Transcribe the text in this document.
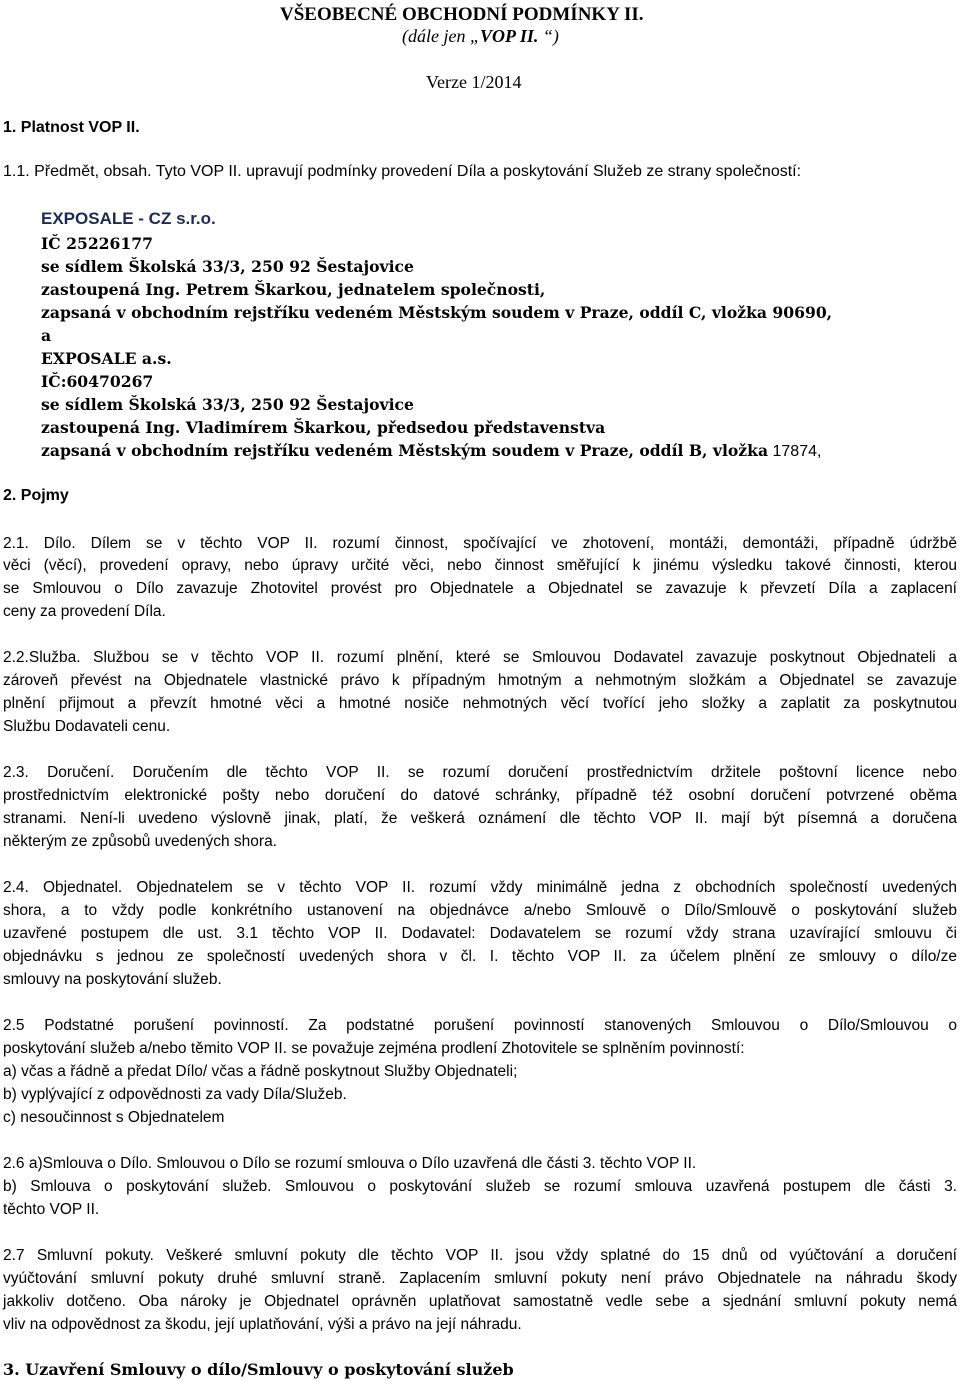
VŠEOBECNÉ OBCHODNÍ PODMÍNKY II.
(dále jen „VOP II. “)
Verze 1/2014
1. Platnost VOP II.
1.1. Předmět, obsah. Tyto VOP II. upravují podmínky provedení Díla a poskytování Služeb ze strany společností:
EXPOSALE - CZ s.r.o.
IČ 25226177
se sídlem Školská 33/3, 250 92 Šestajovice
zastoupená Ing. Petrem Škarkou, jednatelem společnosti,
zapsaná v obchodním rejstříku vedeném Městským soudem v Praze, oddíl C, vložka 90690,
a
EXPOSALE a.s.
IČ:60470267
se sídlem Školská 33/3, 250 92 Šestajovice
zastoupená Ing. Vladimírem Škarkou, předsedou představenstva
zapsaná v obchodním rejstříku vedeném Městským soudem v Praze, oddíl B, vložka 17874,
2. Pojmy
2.1. Dílo. Dílem se v těchto VOP II. rozumí činnost, spočívající ve zhotovení, montáži, demontáži, případně údržbě
věci (věcí), provedení opravy, nebo úpravy určité věci, nebo činnost směřující k jinému výsledku takové činnosti, kterou
se Smlouvou o Dílo zavazuje Zhotovitel provést pro Objednatele a Objednatel se zavazuje k převzetí Díla a zaplacení
ceny za provedení Díla.
2.2.Služba. Službou se v těchto VOP II. rozumí plnění, které se Smlouvou Dodavatel zavazuje poskytnout Objednateli a
zároveň převést na Objednatele vlastnické právo k případným hmotným a nehmotným složkám a Objednatel se zavazuje
plnění přijmout a převzít hmotné věci a hmotné nosiče nehmotných věcí tvořící jeho složky a zaplatit za poskytnutou
Službu Dodavateli cenu.
2.3. Doručení. Doručením dle těchto VOP II. se rozumí doručení prostřednictvím držitele poštovní licence nebo
prostřednictvím elektronické pošty nebo doručení do datové schránky, případně též osobní doručení potvrzené oběma
stranami. Není-li uvedeno výslovně jinak, platí, že veškerá oznámení dle těchto VOP II. mají být písemná a doručena
některým ze způsobů uvedených shora.
2.4. Objednatel. Objednatelem se v těchto VOP II. rozumí vždy minimálně jedna z obchodních společností uvedených
shora, a to vždy podle konkrétního ustanovení na objednávce a/nebo Smlouvě o Dílo/Smlouvě o poskytování služeb
uzavřené postupem dle ust. 3.1 těchto VOP II. Dodavatel: Dodavatelem se rozumí vždy strana uzavírající smlouvu či
objednávku s jednou ze společností uvedených shora v čl. I. těchto VOP II. za účelem plnění ze smlouvy o dílo/ze
smlouvy na poskytování služeb.
2.5 Podstatné porušení povinností. Za podstatné porušení povinností stanovených Smlouvou o Dílo/Smlouvou o
poskytování služeb a/nebo těmito VOP II. se považuje zejména prodlení Zhotovitele se splněním povinností:
a) včas a řádně a předat Dílo/ včas a řádně poskytnout Služby Objednateli;
b) vyplývající z odpovědnosti za vady Díla/Služeb.
c) nesoučinnost s Objednatelem
2.6 a)Smlouva o Dílo. Smlouvou o Dílo se rozumí smlouva o Dílo uzavřená dle části 3. těchto VOP II.
b) Smlouva o poskytování služeb. Smlouvou o poskytování služeb se rozumí smlouva uzavřená postupem dle části 3.
těchto VOP II.
2.7 Smluvní pokuty. Veškeré smluvní pokuty dle těchto VOP II. jsou vždy splatné do 15 dnů od vyúčtování a doručení
vyúčtování smluvní pokuty druhé smluvní straně. Zaplacením smluvní pokuty není právo Objednatele na náhradu škody
jakkoliv dotčeno. Oba nároky je Objednatel oprávněn uplatňovat samostatně vedle sebe a sjednání smluvní pokuty nemá
vliv na odpovědnost za škodu, její uplatňování, výši a právo na její náhradu.
3. Uzavření Smlouvy o dílo/Smlouvy o poskytování služeb
